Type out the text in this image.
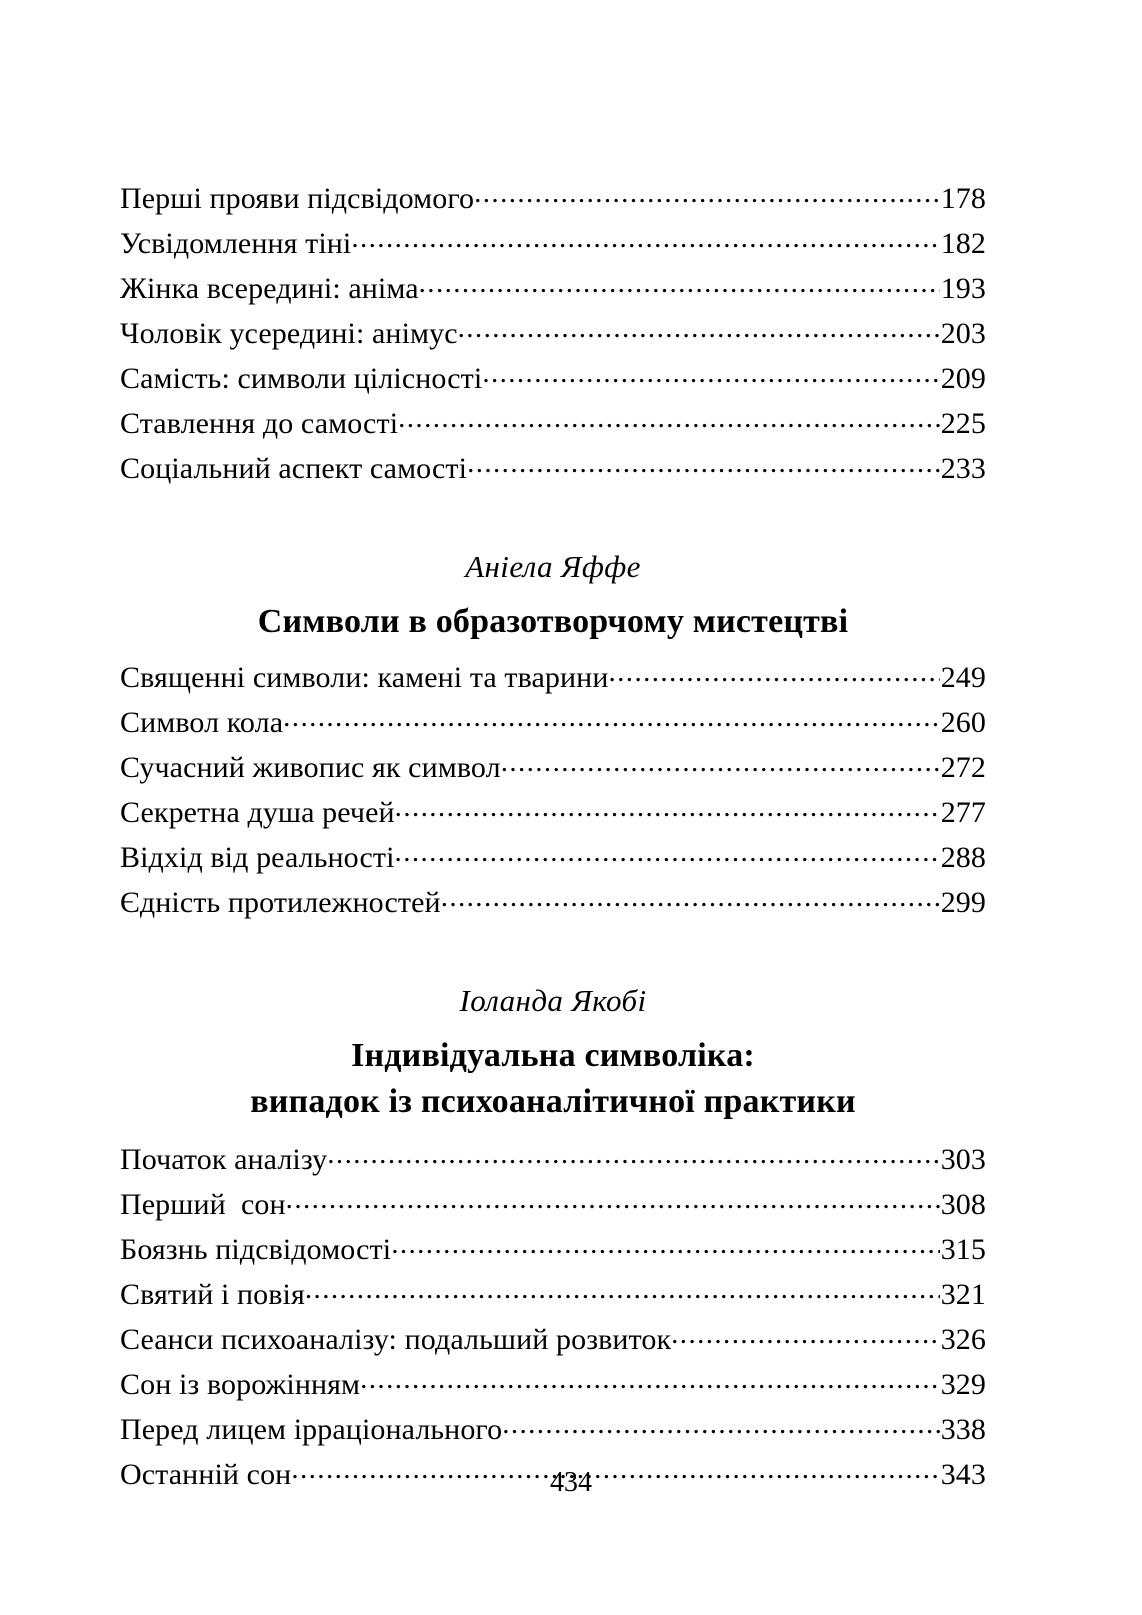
Перші прояви підсвідомого .....	178
Усвідомлення тіні .....	182
Жінка всередині: аніма .....	193
Чоловік усередині: анімус .....	203
Самість: символи цілісності .....	209
Ставлення до самості .....	225
Соціальний аспект самості .....	233

Аніела Яффе

Символи в образотворчому мистецтві
Священні символи: камені та тварини .....	249
Символ кола .....	260
Сучасний живопис як символ .....	272
Секретна душа речей .....	277
Відхід від реальності .....	288
Єдність протилежностей .....	299

Іоланда Якобі

Індивідуальна символіка:
випадок із психоаналітичної практики
Початок аналізу .....	303
Перший  сон .....	308
Боязнь підсвідомості .....	315
Святий і повія .....	321
Сеанси психоаналізу: подальший розвиток .....	326
Сон із ворожінням .....	329
Перед лицем ірраціонального .....	338
Останній сон .....	343
434
